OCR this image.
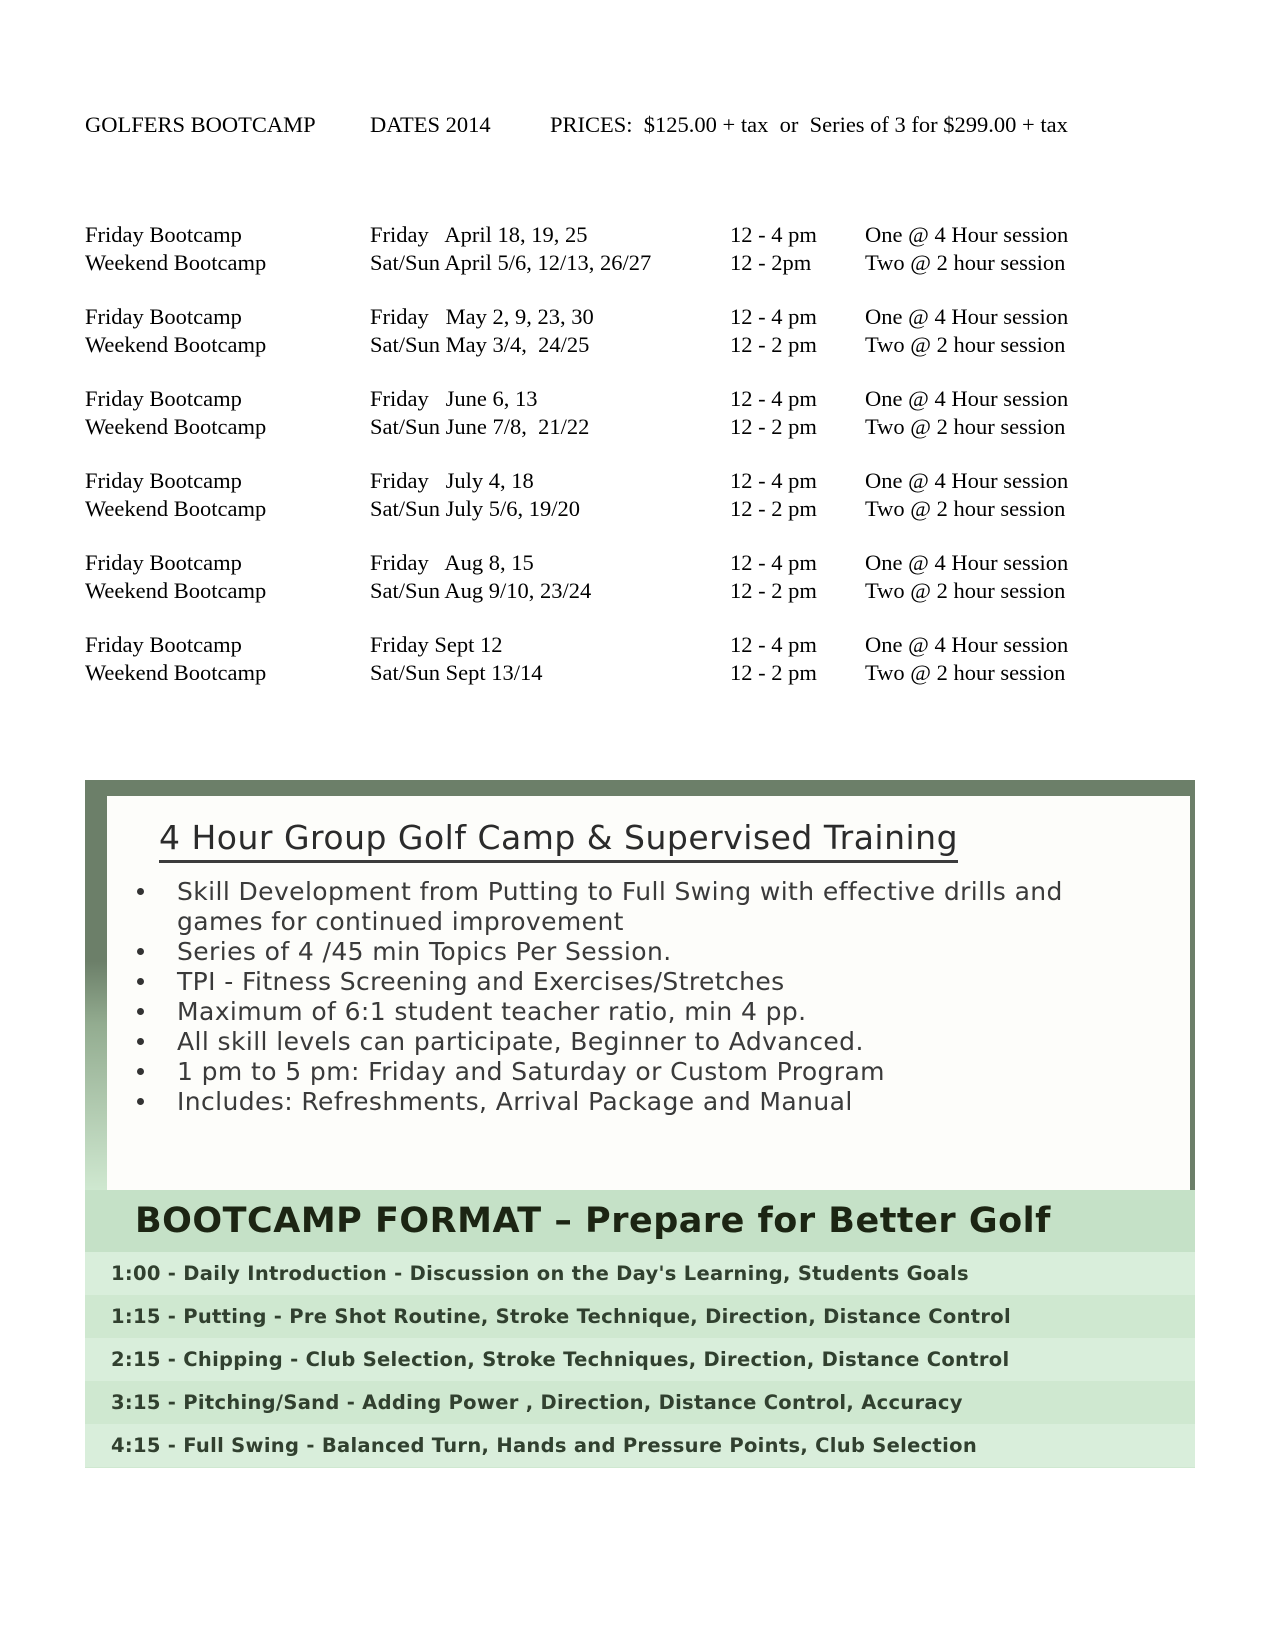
GOLFERS BOOTCAMP DATES 2014	PRICES:  $125.00 + tax  or  Series of 3 for $299.00 + tax
Friday Bootcamp	Friday   April 18, 19, 25	12 - 4 pm One @ 4 Hour session
Weekend Bootcamp	Sat/Sun April 5/6, 12/13, 26/27	12 - 2pm Two @ 2 hour session
Friday Bootcamp	Friday   May 2, 9, 23, 30	12 - 4 pm One @ 4 Hour session
Weekend Bootcamp	Sat/Sun May 3/4,  24/25	12 - 2 pm Two @ 2 hour session
Friday Bootcamp	Friday   June 6, 13	12 - 4 pm One @ 4 Hour session
Weekend Bootcamp	Sat/Sun June 7/8,  21/22	12 - 2 pm Two @ 2 hour session
Friday Bootcamp	Friday   July 4, 18	12 - 4 pm One @ 4 Hour session
Weekend Bootcamp	Sat/Sun July 5/6, 19/20	12 - 2 pm Two @ 2 hour session
Friday Bootcamp	Friday   Aug 8, 15	12 - 4 pm One @ 4 Hour session
Weekend Bootcamp	Sat/Sun Aug 9/10, 23/24	12 - 2 pm Two @ 2 hour session
Friday Bootcamp	Friday Sept 12	12 - 4 pm One @ 4 Hour session
Weekend Bootcamp	Sat/Sun Sept 13/14	12 - 2 pm Two @ 2 hour session
4 Hour Group Golf Camp & Supervised Training
Skill Development from Putting to Full Swing with effective drills and games for continued improvement
Series of 4 /45 min Topics Per Session.
TPI - Fitness Screening and Exercises/Stretches
Maximum of 6:1 student teacher ratio, min 4 pp.
All skill levels can participate, Beginner to Advanced.
1 pm to 5 pm: Friday and Saturday or Custom Program
Includes: Refreshments, Arrival Package and Manual
BOOTCAMP FORMAT – Prepare for Better Golf
1:00 - Daily Introduction - Discussion on the Day's Learning, Students Goals
1:15 - Putting - Pre Shot Routine, Stroke Technique, Direction, Distance Control
2:15 - Chipping - Club Selection, Stroke Techniques, Direction, Distance Control
3:15 - Pitching/Sand - Adding Power , Direction, Distance Control, Accuracy
4:15 - Full Swing - Balanced Turn, Hands and Pressure Points, Club Selection
